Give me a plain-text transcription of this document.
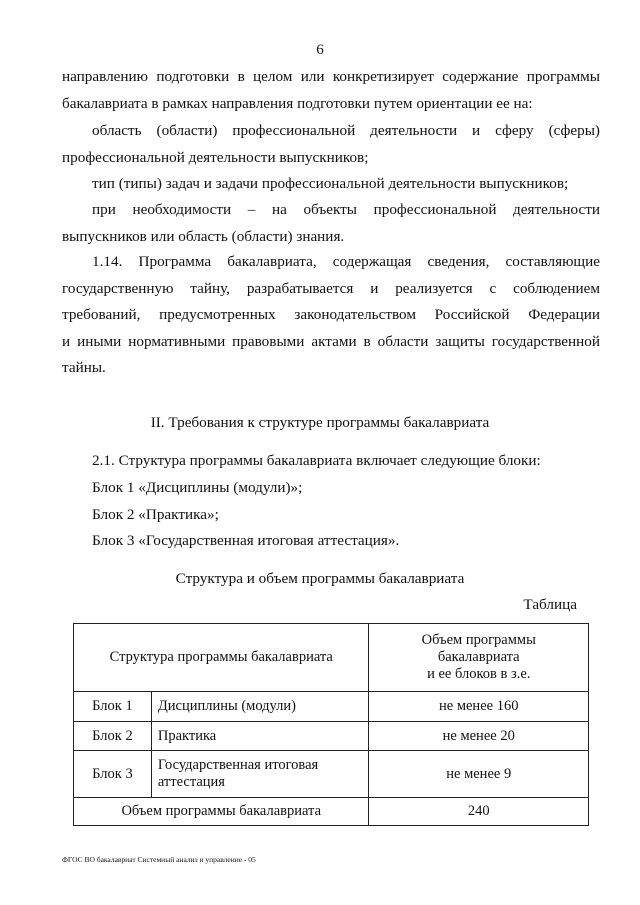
6
направлению подготовки в целом или конкретизирует содержание программы
бакалавриата в рамках направления подготовки путем ориентации ее на:
область (области) профессиональной деятельности и сферу (сферы)
профессиональной деятельности выпускников;
тип (типы) задач и задачи профессиональной деятельности выпускников;
при необходимости – на объекты профессиональной деятельности
выпускников или область (области) знания.
1.14. Программа бакалавриата, содержащая сведения, составляющие
государственную тайну, разрабатывается и реализуется с соблюдением
требований, предусмотренных законодательством Российской Федерации
и иными нормативными правовыми актами в области защиты государственной
тайны.
II. Требования к структуре программы бакалавриата
2.1. Структура программы бакалавриата включает следующие блоки:
Блок 1 «Дисциплины (модули)»;
Блок 2 «Практика»;
Блок 3 «Государственная итоговая аттестация».
Структура и объем программы бакалавриата
Таблица
Структура программы бакалавриата		Объем программы
бакалавриата
и ее блоков в з.е.

Блок 1	Дисциплины (модули)	не менее 160
Блок 2	Практика	не менее 20
Блок 3	Государственная итоговая
аттестация	не менее 9
Объем программы бакалавриата		240
ФГОС ВО бакалавриат Системный анализ и управление - 05
